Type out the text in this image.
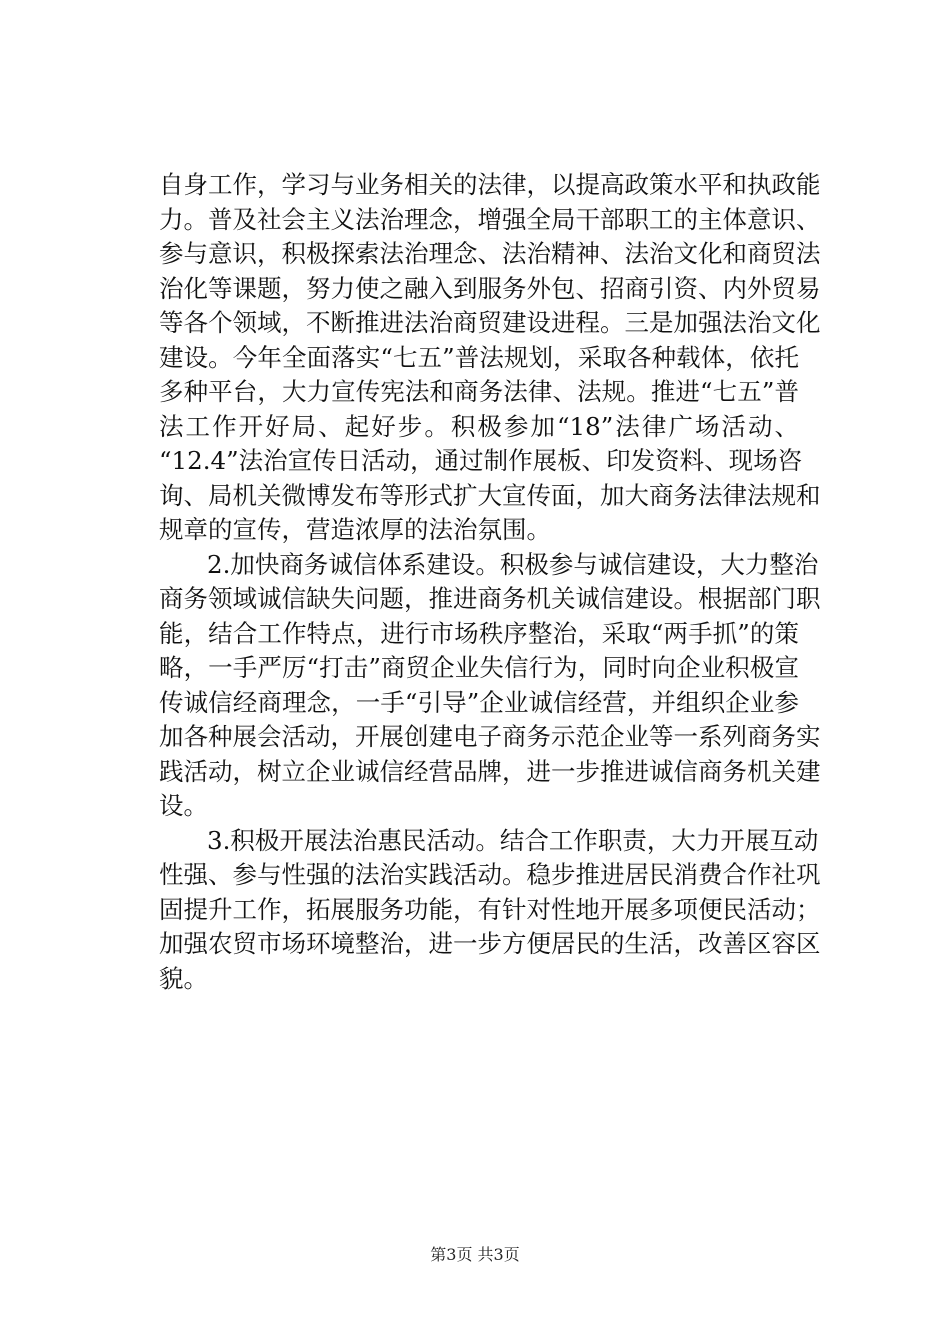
自身工作，学习与业务相关的法律，以提高政策水平和执政能
力。普及社会主义法治理念，增强全局干部职工的主体意识、
参与意识，积极探索法治理念、法治精神、法治文化和商贸法
治化等课题，努力使之融入到服务外包、招商引资、内外贸易
等各个领域，不断推进法治商贸建设进程。三是加强法治文化
建设。今年全面落实“七五”普法规划，采取各种载体，依托
多种平台，大力宣传宪法和商务法律、法规。推进“七五”普
法工作开好局、起好步。积极参加“18”法律广场活动、
“12.4”法治宣传日活动，通过制作展板、印发资料、现场咨
询、局机关微博发布等形式扩大宣传面，加大商务法律法规和
规章的宣传，营造浓厚的法治氛围。
2.加快商务诚信体系建设。积极参与诚信建设，大力整治
商务领域诚信缺失问题，推进商务机关诚信建设。根据部门职
能，结合工作特点，进行市场秩序整治，采取“两手抓”的策
略，一手严厉“打击”商贸企业失信行为，同时向企业积极宣
传诚信经商理念，一手“引导”企业诚信经营，并组织企业参
加各种展会活动，开展创建电子商务示范企业等一系列商务实
践活动，树立企业诚信经营品牌，进一步推进诚信商务机关建
设。
3.积极开展法治惠民活动。结合工作职责，大力开展互动
性强、参与性强的法治实践活动。稳步推进居民消费合作社巩
固提升工作，拓展服务功能，有针对性地开展多项便民活动；
加强农贸市场环境整治，进一步方便居民的生活，改善区容区
貌。
第3页 共3页
